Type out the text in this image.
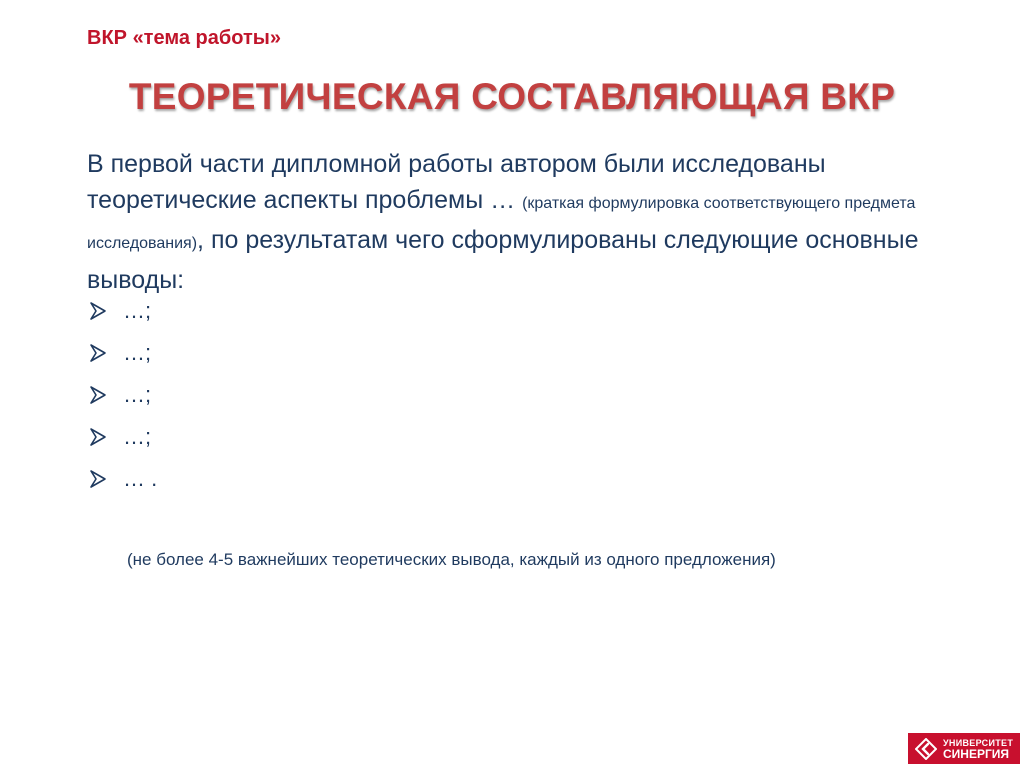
ВКР «тема работы»
ТЕОРЕТИЧЕСКАЯ СОСТАВЛЯЮЩАЯ ВКР
В первой части дипломной работы автором были исследованы теоретические аспекты проблемы … (краткая формулировка соответствующего предмета исследования), по результатам чего сформулированы следующие основные выводы:
…;
…;
…;
…;
… .
(не более 4-5 важнейших теоретических вывода, каждый из одного предложения)
УНИВЕРСИТЕТ
СИНЕРГИЯ
